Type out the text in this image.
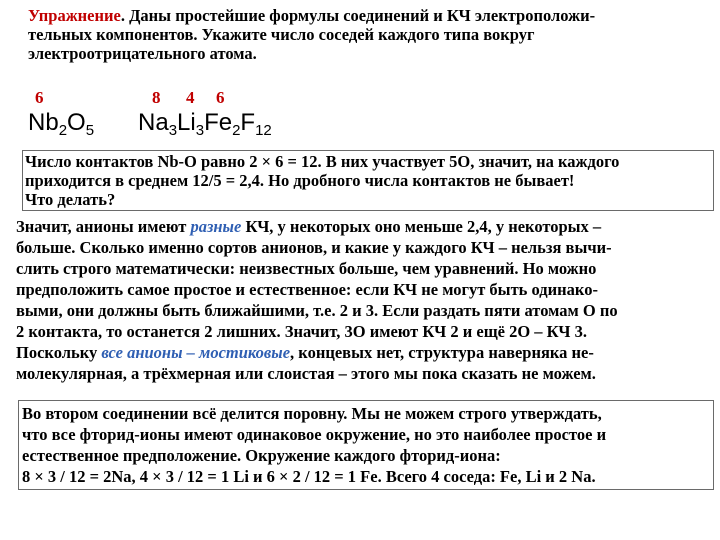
Упражнение. Даны простейшие формулы соединений и КЧ электроположи-
тельных компонентов. Укажите число соседей каждого типа вокруг
электроотрицательного атома.
6	8 4 6
$Nb_2O_5$ $Na_3Li_3Fe_2F_{12}$
Число контактов Nb-O равно 2 × 6 = 12. В них участвует 5O, значит, на каждого
приходится в среднем 12/5 = 2,4. Но дробного числа контактов не бывает!
Что делать?
Значит, анионы имеют разные КЧ, у некоторых оно меньше 2,4, у некоторых –
больше. Сколько именно сортов анионов, и какие у каждого КЧ – нельзя вычи-
слить строго математически: неизвестных больше, чем уравнений. Но можно
предположить самое простое и естественное: если КЧ не могут быть одинако-
выми, они должны быть ближайшими, т.е. 2 и 3. Если раздать пяти атомам O по
2 контакта, то останется 2 лишних. Значит, 3O имеют КЧ 2 и ещё 2O – КЧ 3.
Поскольку все анионы – мостиковые, концевых нет, структура наверняка не-
молекулярная, а трёхмерная или слоистая – этого мы пока сказать не можем.
Во втором соединении всё делится поровну. Мы не можем строго утверждать,
что все фторид-ионы имеют одинаковое окружение, но это наиболее простое и
естественное предположение. Окружение каждого фторид-иона:
8 × 3 / 12 = 2Na, 4 × 3 / 12 = 1 Li и 6 × 2 / 12 = 1 Fe. Всего 4 соседа: Fe, Li и 2 Na.
